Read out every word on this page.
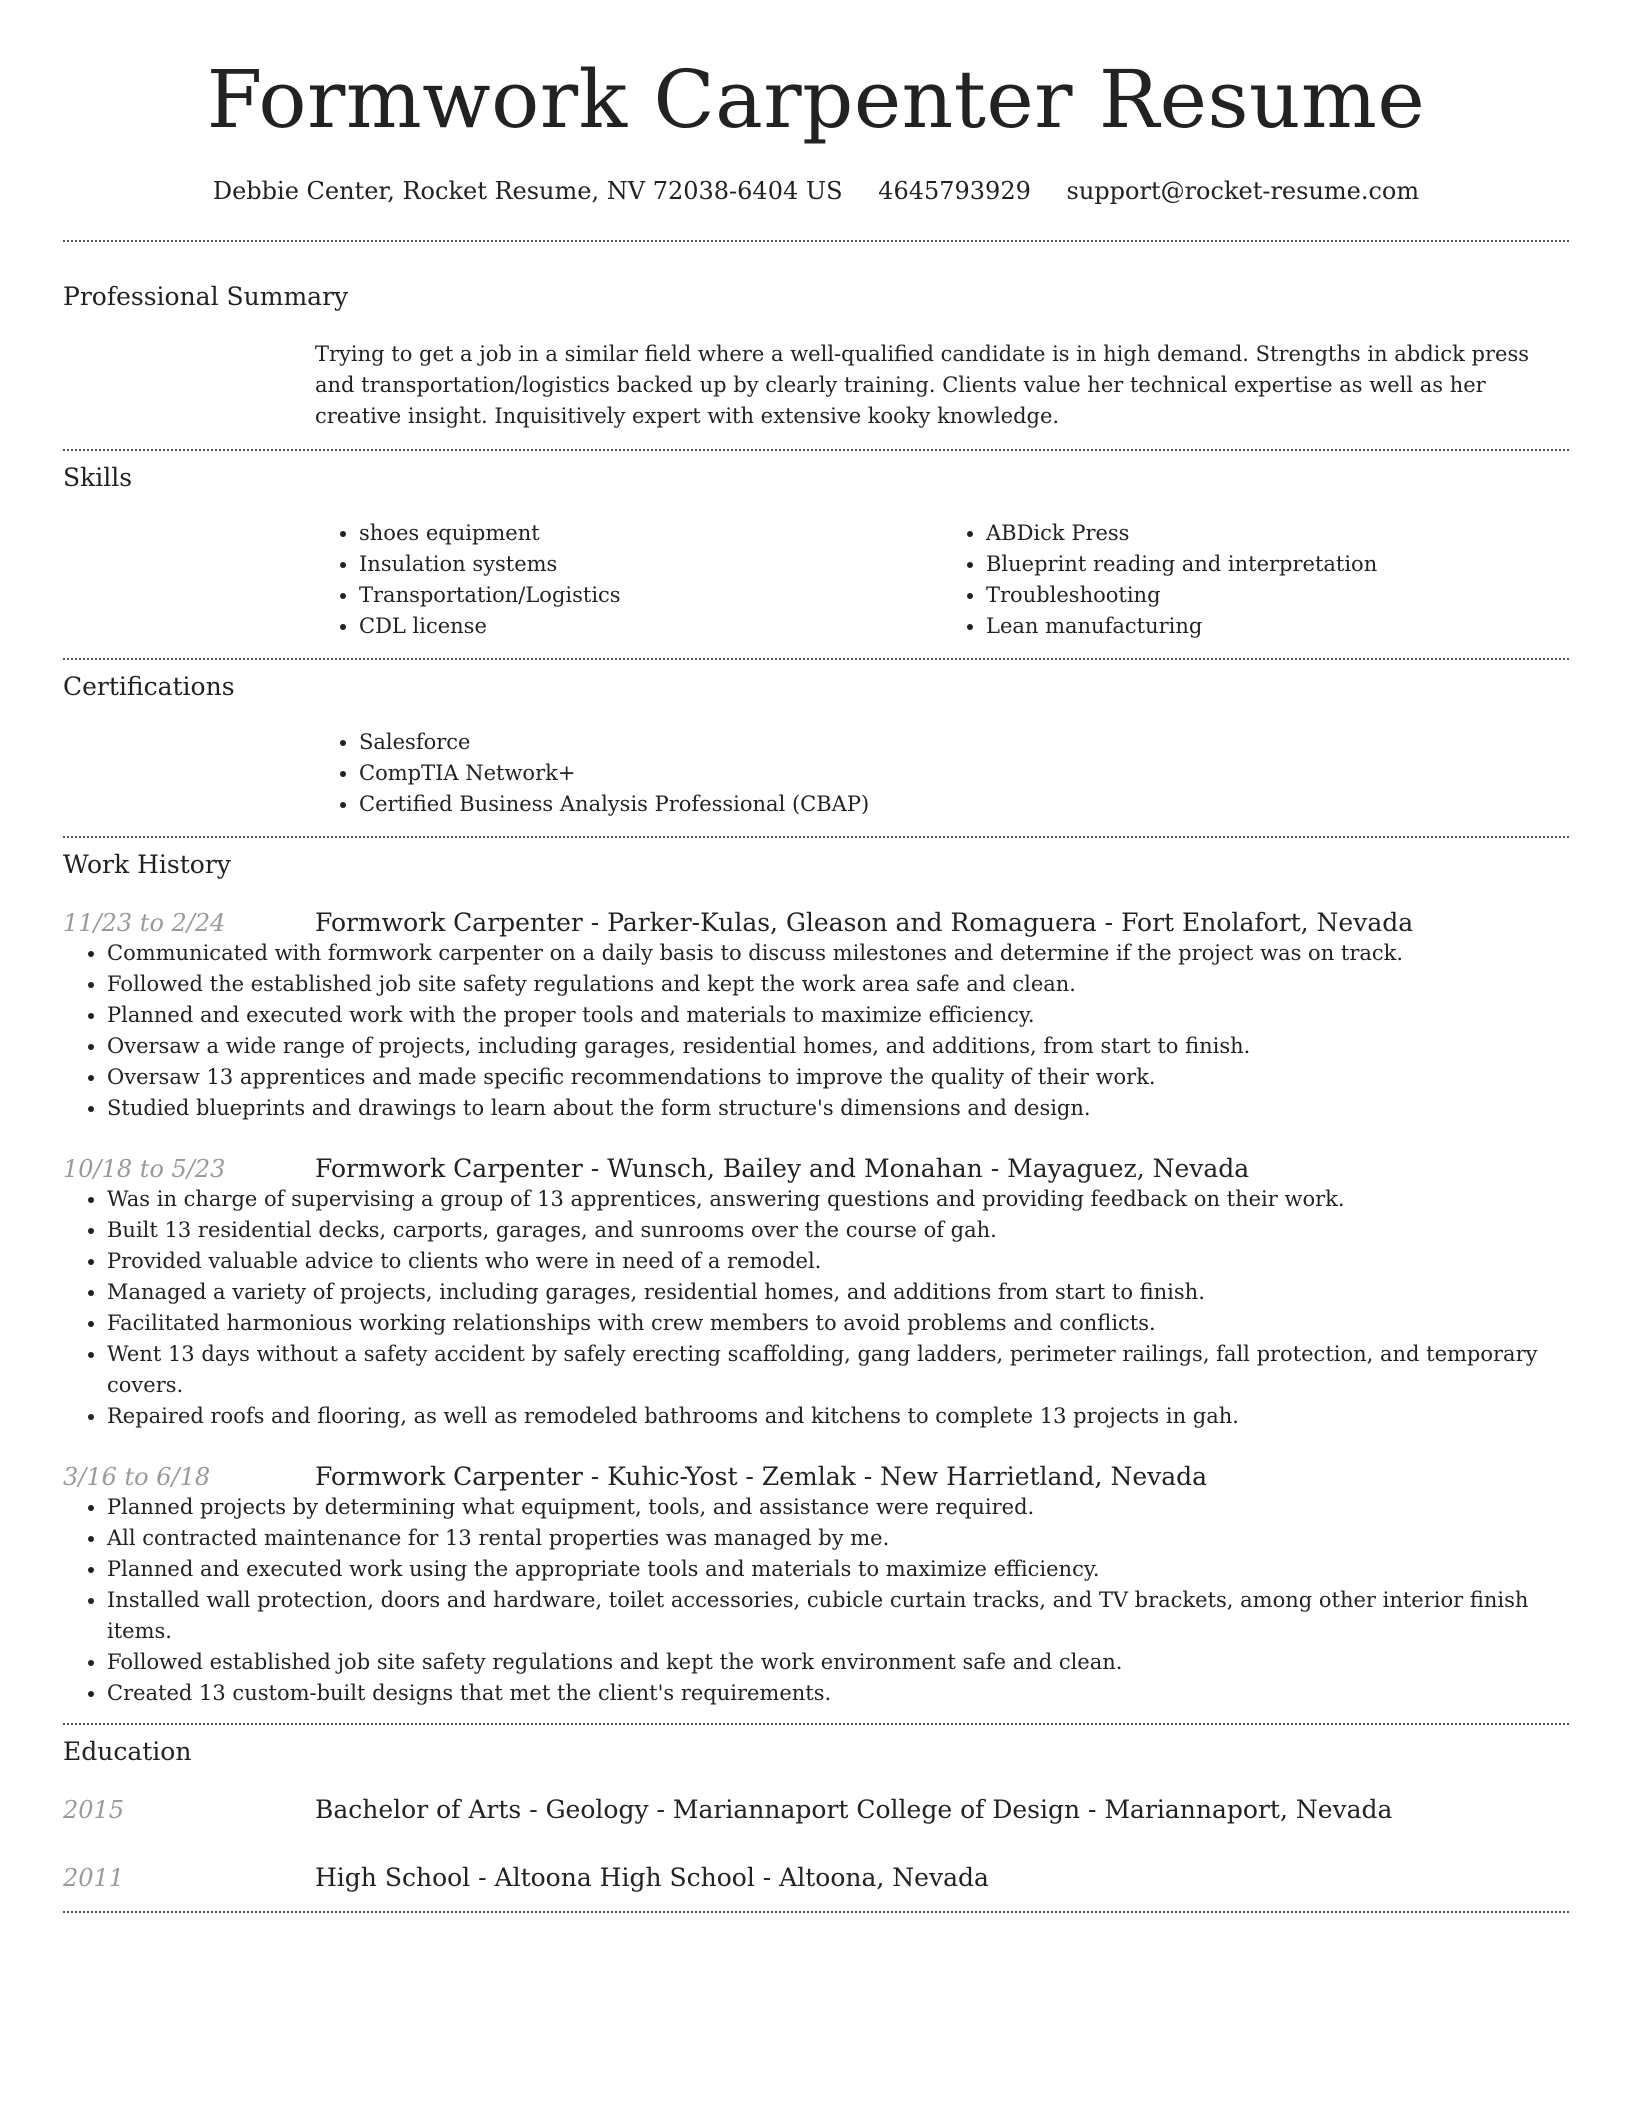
Formwork Carpenter Resume
Debbie Center, Rocket Resume, NV 72038-6404 US 4645793929 support@rocket-resume.com
Professional Summary

Trying to get a job in a similar field where a well-qualified candidate is in high demand. Strengths in abdick press and transportation/logistics backed up by clearly training. Clients value her technical expertise as well as her creative insight. Inquisitively expert with extensive kooky knowledge.

Skills
• shoes equipment
• Insulation systems
• Transportation/Logistics
• CDL license
• ABDick Press
• Blueprint reading and interpretation
• Troubleshooting
• Lean manufacturing
Certifications
• Salesforce
• CompTIA Network+
• Certified Business Analysis Professional (CBAP)
Work History
11/23 to 2/24	Formwork Carpenter - Parker-Kulas, Gleason and Romaguera - Fort Enolafort, Nevada
• Communicated with formwork carpenter on a daily basis to discuss milestones and determine if the project was on track.
• Followed the established job site safety regulations and kept the work area safe and clean.
• Planned and executed work with the proper tools and materials to maximize efficiency.
• Oversaw a wide range of projects, including garages, residential homes, and additions, from start to finish.
• Oversaw 13 apprentices and made specific recommendations to improve the quality of their work.
• Studied blueprints and drawings to learn about the form structure's dimensions and design.
10/18 to 5/23	Formwork Carpenter - Wunsch, Bailey and Monahan - Mayaguez, Nevada
• Was in charge of supervising a group of 13 apprentices, answering questions and providing feedback on their work.
• Built 13 residential decks, carports, garages, and sunrooms over the course of gah.
• Provided valuable advice to clients who were in need of a remodel.
• Managed a variety of projects, including garages, residential homes, and additions from start to finish.
• Facilitated harmonious working relationships with crew members to avoid problems and conflicts.
• Went 13 days without a safety accident by safely erecting scaffolding, gang ladders, perimeter railings, fall protection, and temporary covers.
• Repaired roofs and flooring, as well as remodeled bathrooms and kitchens to complete 13 projects in gah.
3/16 to 6/18	Formwork Carpenter - Kuhic-Yost - Zemlak - New Harrietland, Nevada
• Planned projects by determining what equipment, tools, and assistance were required.
• All contracted maintenance for 13 rental properties was managed by me.
• Planned and executed work using the appropriate tools and materials to maximize efficiency.
• Installed wall protection, doors and hardware, toilet accessories, cubicle curtain tracks, and TV brackets, among other interior finish items.
• Followed established job site safety regulations and kept the work environment safe and clean.
• Created 13 custom-built designs that met the client's requirements.
Education
2015	Bachelor of Arts - Geology - Mariannaport College of Design - Mariannaport, Nevada
2011	High School - Altoona High School - Altoona, Nevada
